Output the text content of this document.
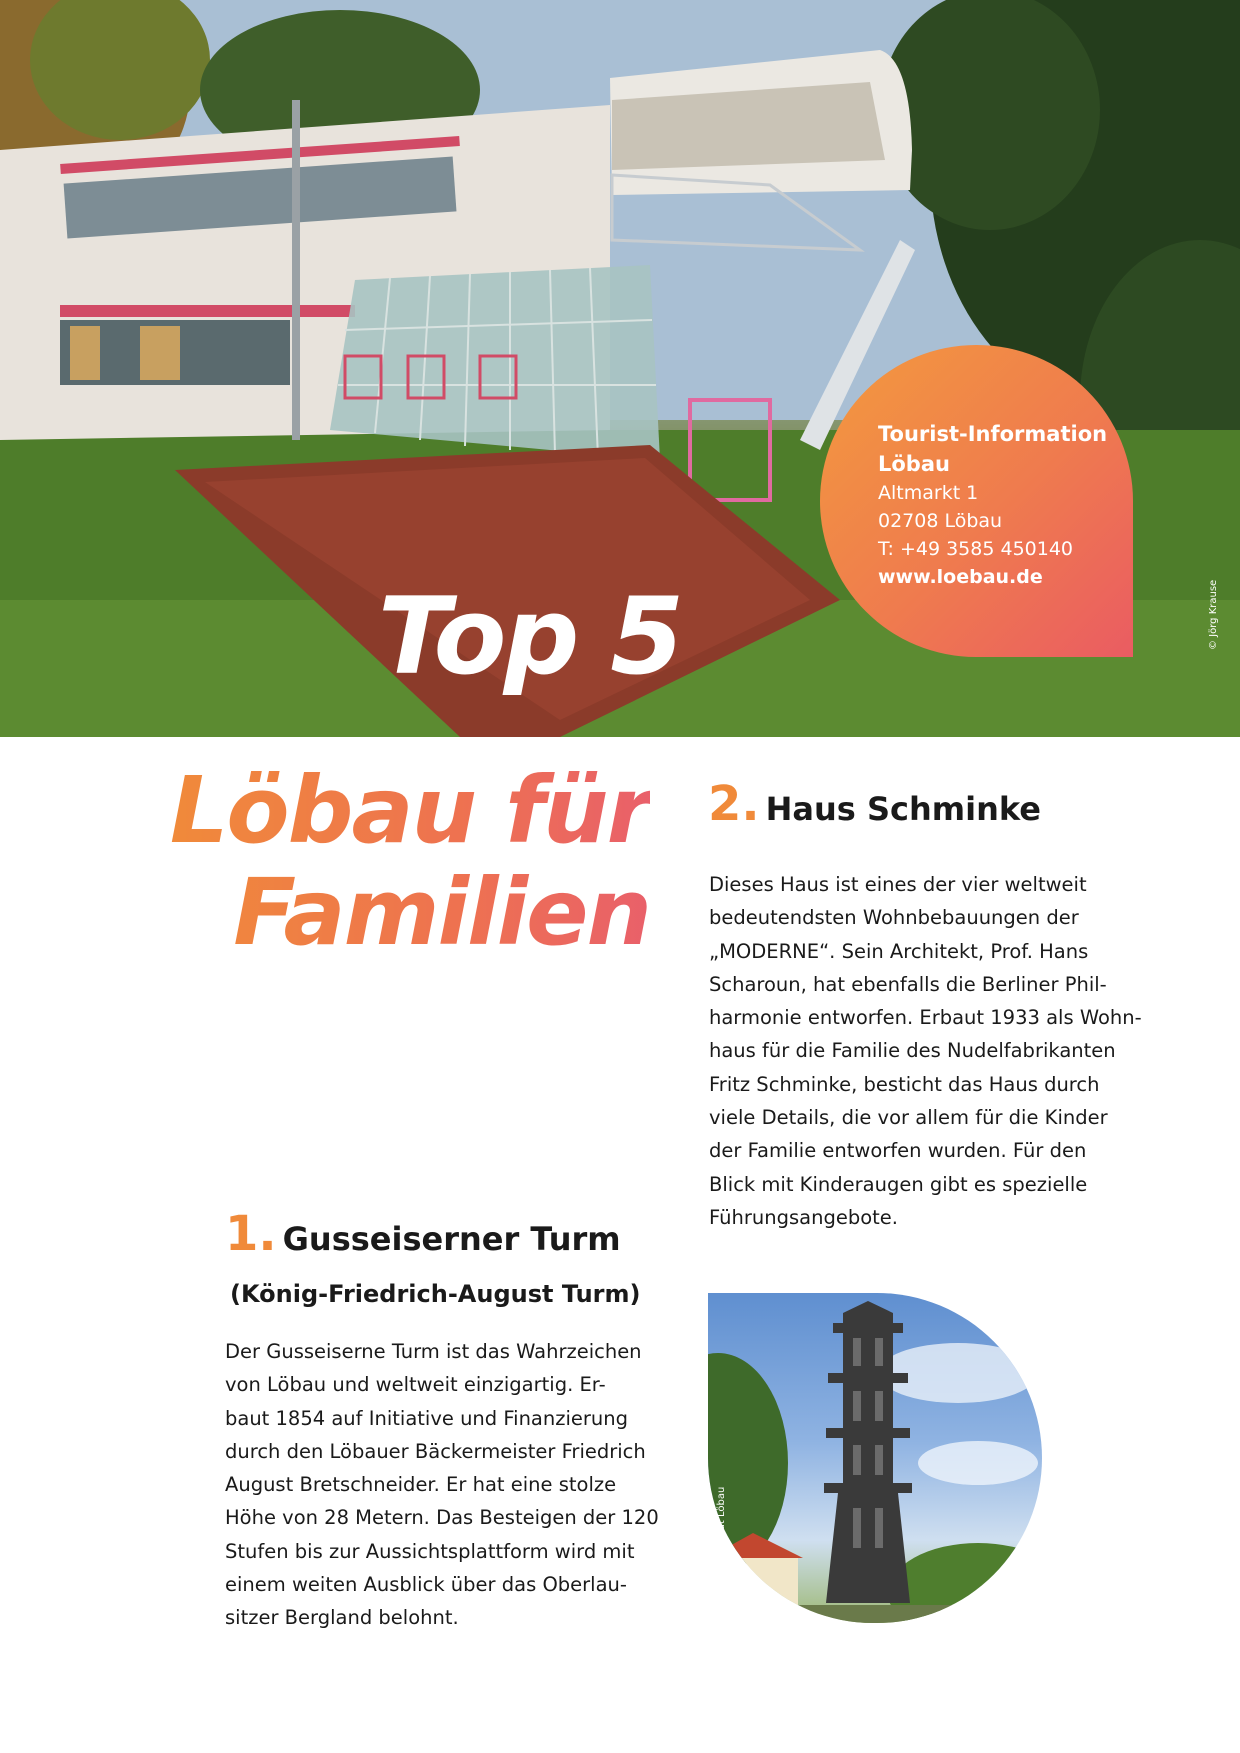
© Jörg Krause
Tourist-Information
Löbau
Altmarkt 1
02708 Löbau
T: +49 3585 450140
www.loebau.de
Top 5
Löbau für
Familien
2. Haus Schminke
Dieses Haus ist eines der vier weltweit
bedeutendsten Wohnbebauungen der
„MODERNE“. Sein Architekt, Prof. Hans
Scharoun, hat ebenfalls die Berliner Phil-
harmonie entworfen. Erbaut 1933 als Wohn-
haus für die Familie des Nudelfabrikanten
Fritz Schminke, besticht das Haus durch
viele Details, die vor allem für die Kinder
der Familie entworfen wurden. Für den
Blick mit Kinderaugen gibt es spezielle
Führungsangebote.
1. Gusseiserner Turm
(König-Friedrich-August Turm)
Der Gusseiserne Turm ist das Wahrzeichen
von Löbau und weltweit einzigartig. Er-
baut 1854 auf Initiative und Finanzierung
durch den Löbauer Bäckermeister Friedrich
August Bretschneider. Er hat eine stolze
Höhe von 28 Metern. Das Besteigen der 120
Stufen bis zur Aussichtsplattform wird mit
einem weiten Ausblick über das Oberlau-
sitzer Bergland belohnt.
© Stadt Löbau
